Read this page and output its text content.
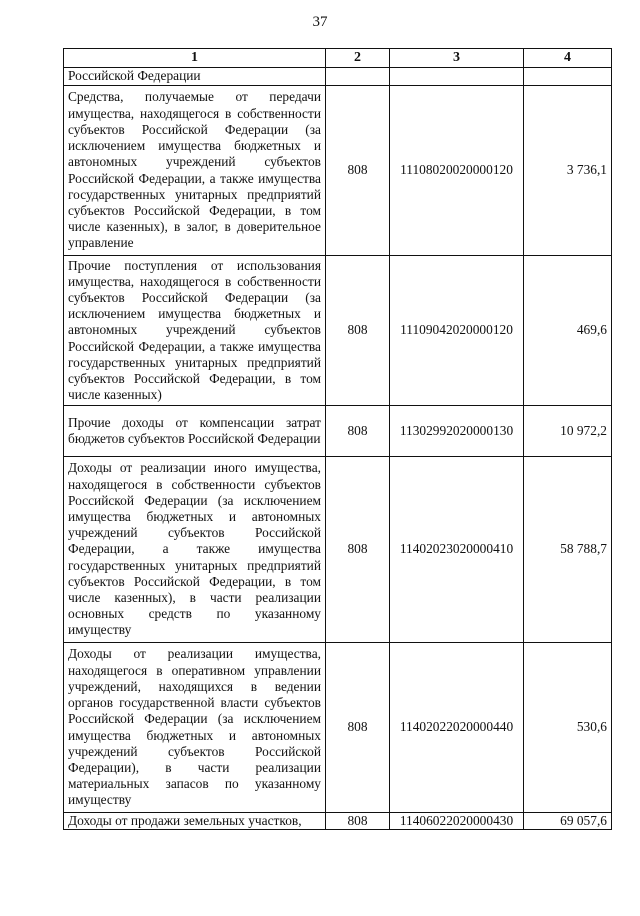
37
1	2	3	4
Российской Федерации			
Средства, получаемые от передачи имущества, находящегося в собственности субъектов Российской Федерации (за исключением имущества бюджетных и автономных учреждений субъектов Российской Федерации, а также имущества государственных унитарных предприятий субъектов Российской Федерации, в том числе казенных), в залог, в доверительное управление	808	11108020020000120	3 736,1
Прочие поступления от использования имущества, находящегося в собственности субъектов Российской Федерации (за исключением имущества бюджетных и автономных учреждений субъектов Российской Федерации, а также имущества государственных унитарных предприятий субъектов Российской Федерации, в том числе казенных)	808	11109042020000120	469,6
Прочие доходы от компенсации затрат бюджетов субъектов Российской Федерации	808	11302992020000130	10 972,2
Доходы от реализации иного имущества, находящегося в собственности субъектов Российской Федерации (за исключением имущества бюджетных и автономных учреждений субъектов Российской Федерации, а также имущества государственных унитарных предприятий субъектов Российской Федерации, в том числе казенных), в части реализации основных средств по указанному имуществу	808	11402023020000410	58 788,7
Доходы от реализации имущества, находящегося в оперативном управлении учреждений, находящихся в ведении органов государственной власти субъектов Российской Федерации (за исключением имущества бюджетных и автономных учреждений субъектов Российской Федерации), в части реализации материальных запасов по указанному имуществу	808	11402022020000440	530,6
Доходы от продажи земельных участков,	808	11406022020000430	69 057,6
